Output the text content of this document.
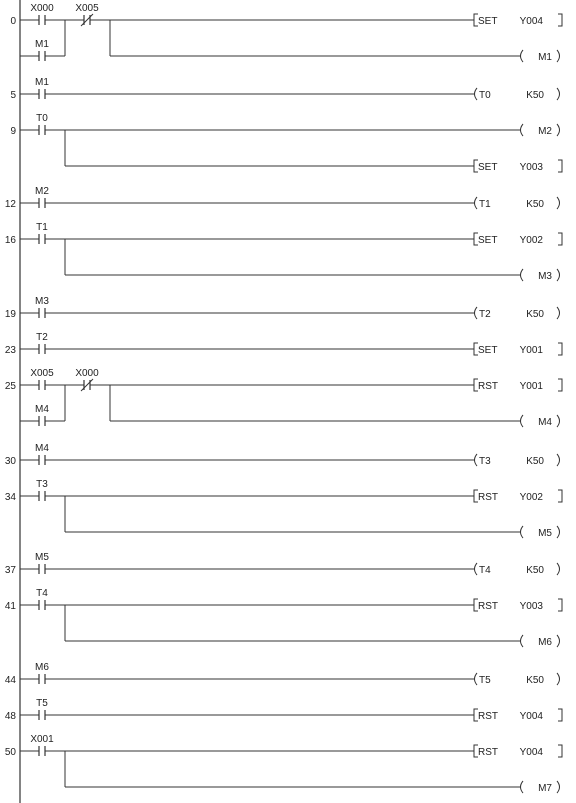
0
X000 X005
M1
SET Y004
M1
5
M1
T0	K50
9
T0
M2
SET Y003
12
M2
T1	K50
16
T1
SET Y002
M3
19
M3
T2	K50
23
T2
SET Y001
25
X005 X000
M4
RST Y001
M4
30
M4
T3	K50
34
T3
RST Y002
M5
37
M5
T4	K50
41
T4
RST Y003
M6
44
M6
T5	K50
48
T5
RST Y004
50
X001
RST Y004
M7
